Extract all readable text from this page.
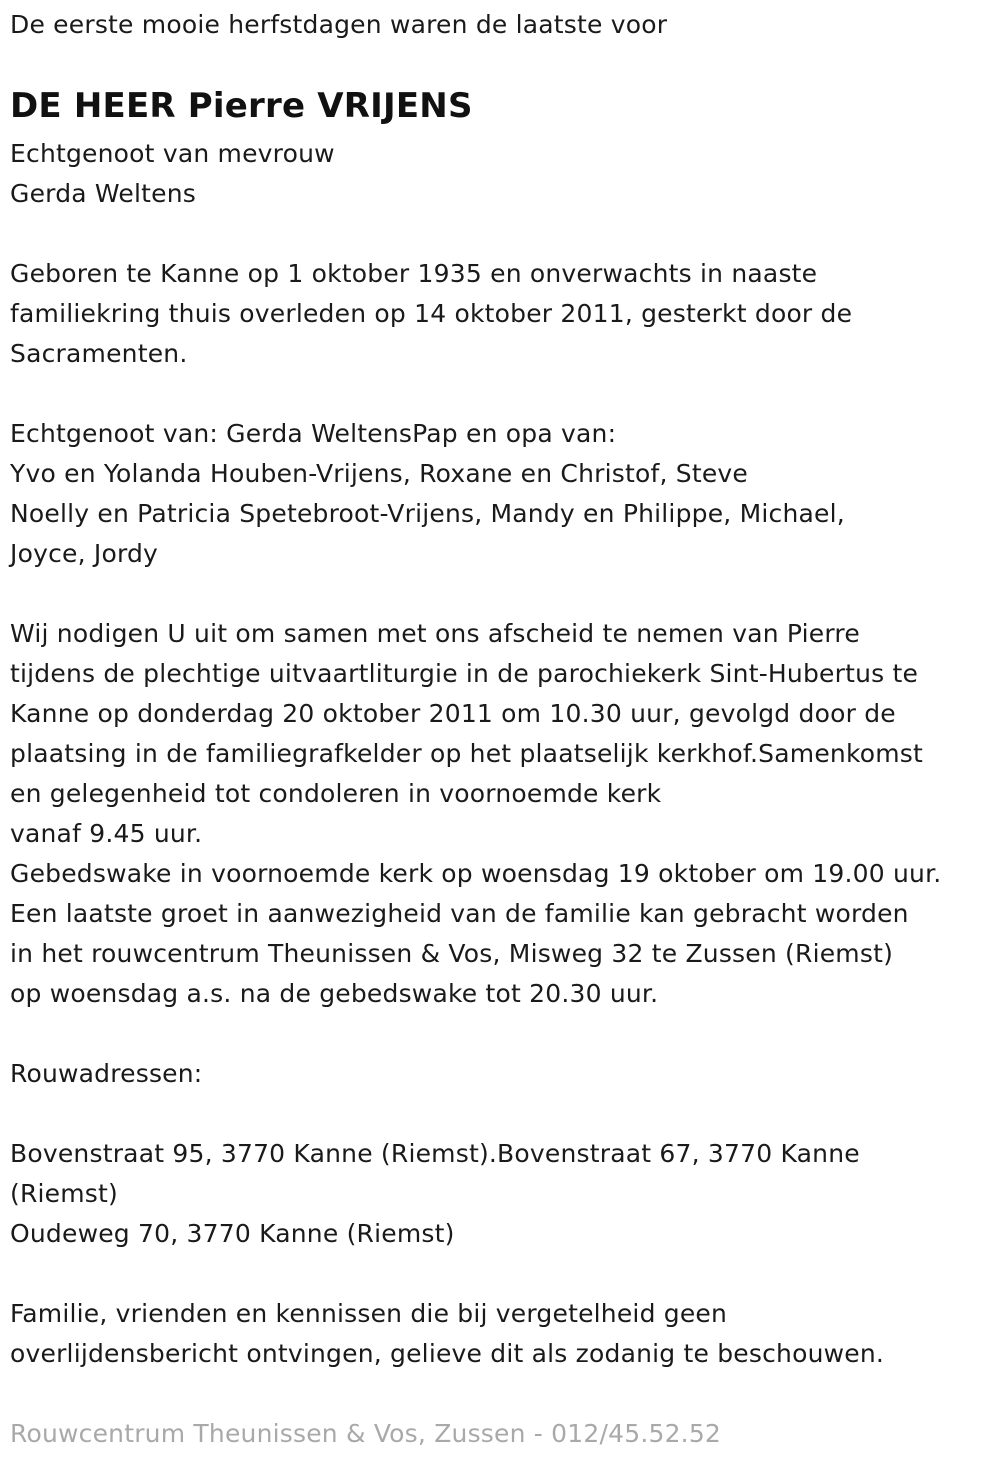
De eerste mooie herfstdagen waren de laatste voor
DE HEER Pierre VRIJENS
Echtgenoot van mevrouw
Gerda Weltens
Geboren te Kanne op 1 oktober 1935 en onverwachts in naaste
familiekring thuis overleden op 14 oktober 2011, gesterkt door de
Sacramenten.
Echtgenoot van: Gerda WeltensPap en opa van:
Yvo en Yolanda Houben-Vrijens, Roxane en Christof, Steve
Noelly en Patricia Spetebroot-Vrijens, Mandy en Philippe, Michael,
Joyce, Jordy
Wij nodigen U uit om samen met ons afscheid te nemen van Pierre
tijdens de plechtige uitvaartliturgie in de parochiekerk Sint-Hubertus te
Kanne op donderdag 20 oktober 2011 om 10.30 uur, gevolgd door de
plaatsing in de familiegrafkelder op het plaatselijk kerkhof.Samenkomst
en gelegenheid tot condoleren in voornoemde kerk
vanaf 9.45 uur.
Gebedswake in voornoemde kerk op woensdag 19 oktober om 19.00 uur.
Een laatste groet in aanwezigheid van de familie kan gebracht worden
in het rouwcentrum Theunissen & Vos, Misweg 32 te Zussen (Riemst)
op woensdag a.s. na de gebedswake tot 20.30 uur.
Rouwadressen:
Bovenstraat 95, 3770 Kanne (Riemst).Bovenstraat 67, 3770 Kanne
(Riemst)
Oudeweg 70, 3770 Kanne (Riemst)
Familie, vrienden en kennissen die bij vergetelheid geen
overlijdensbericht ontvingen, gelieve dit als zodanig te beschouwen.
Rouwcentrum Theunissen & Vos, Zussen - 012/45.52.52
